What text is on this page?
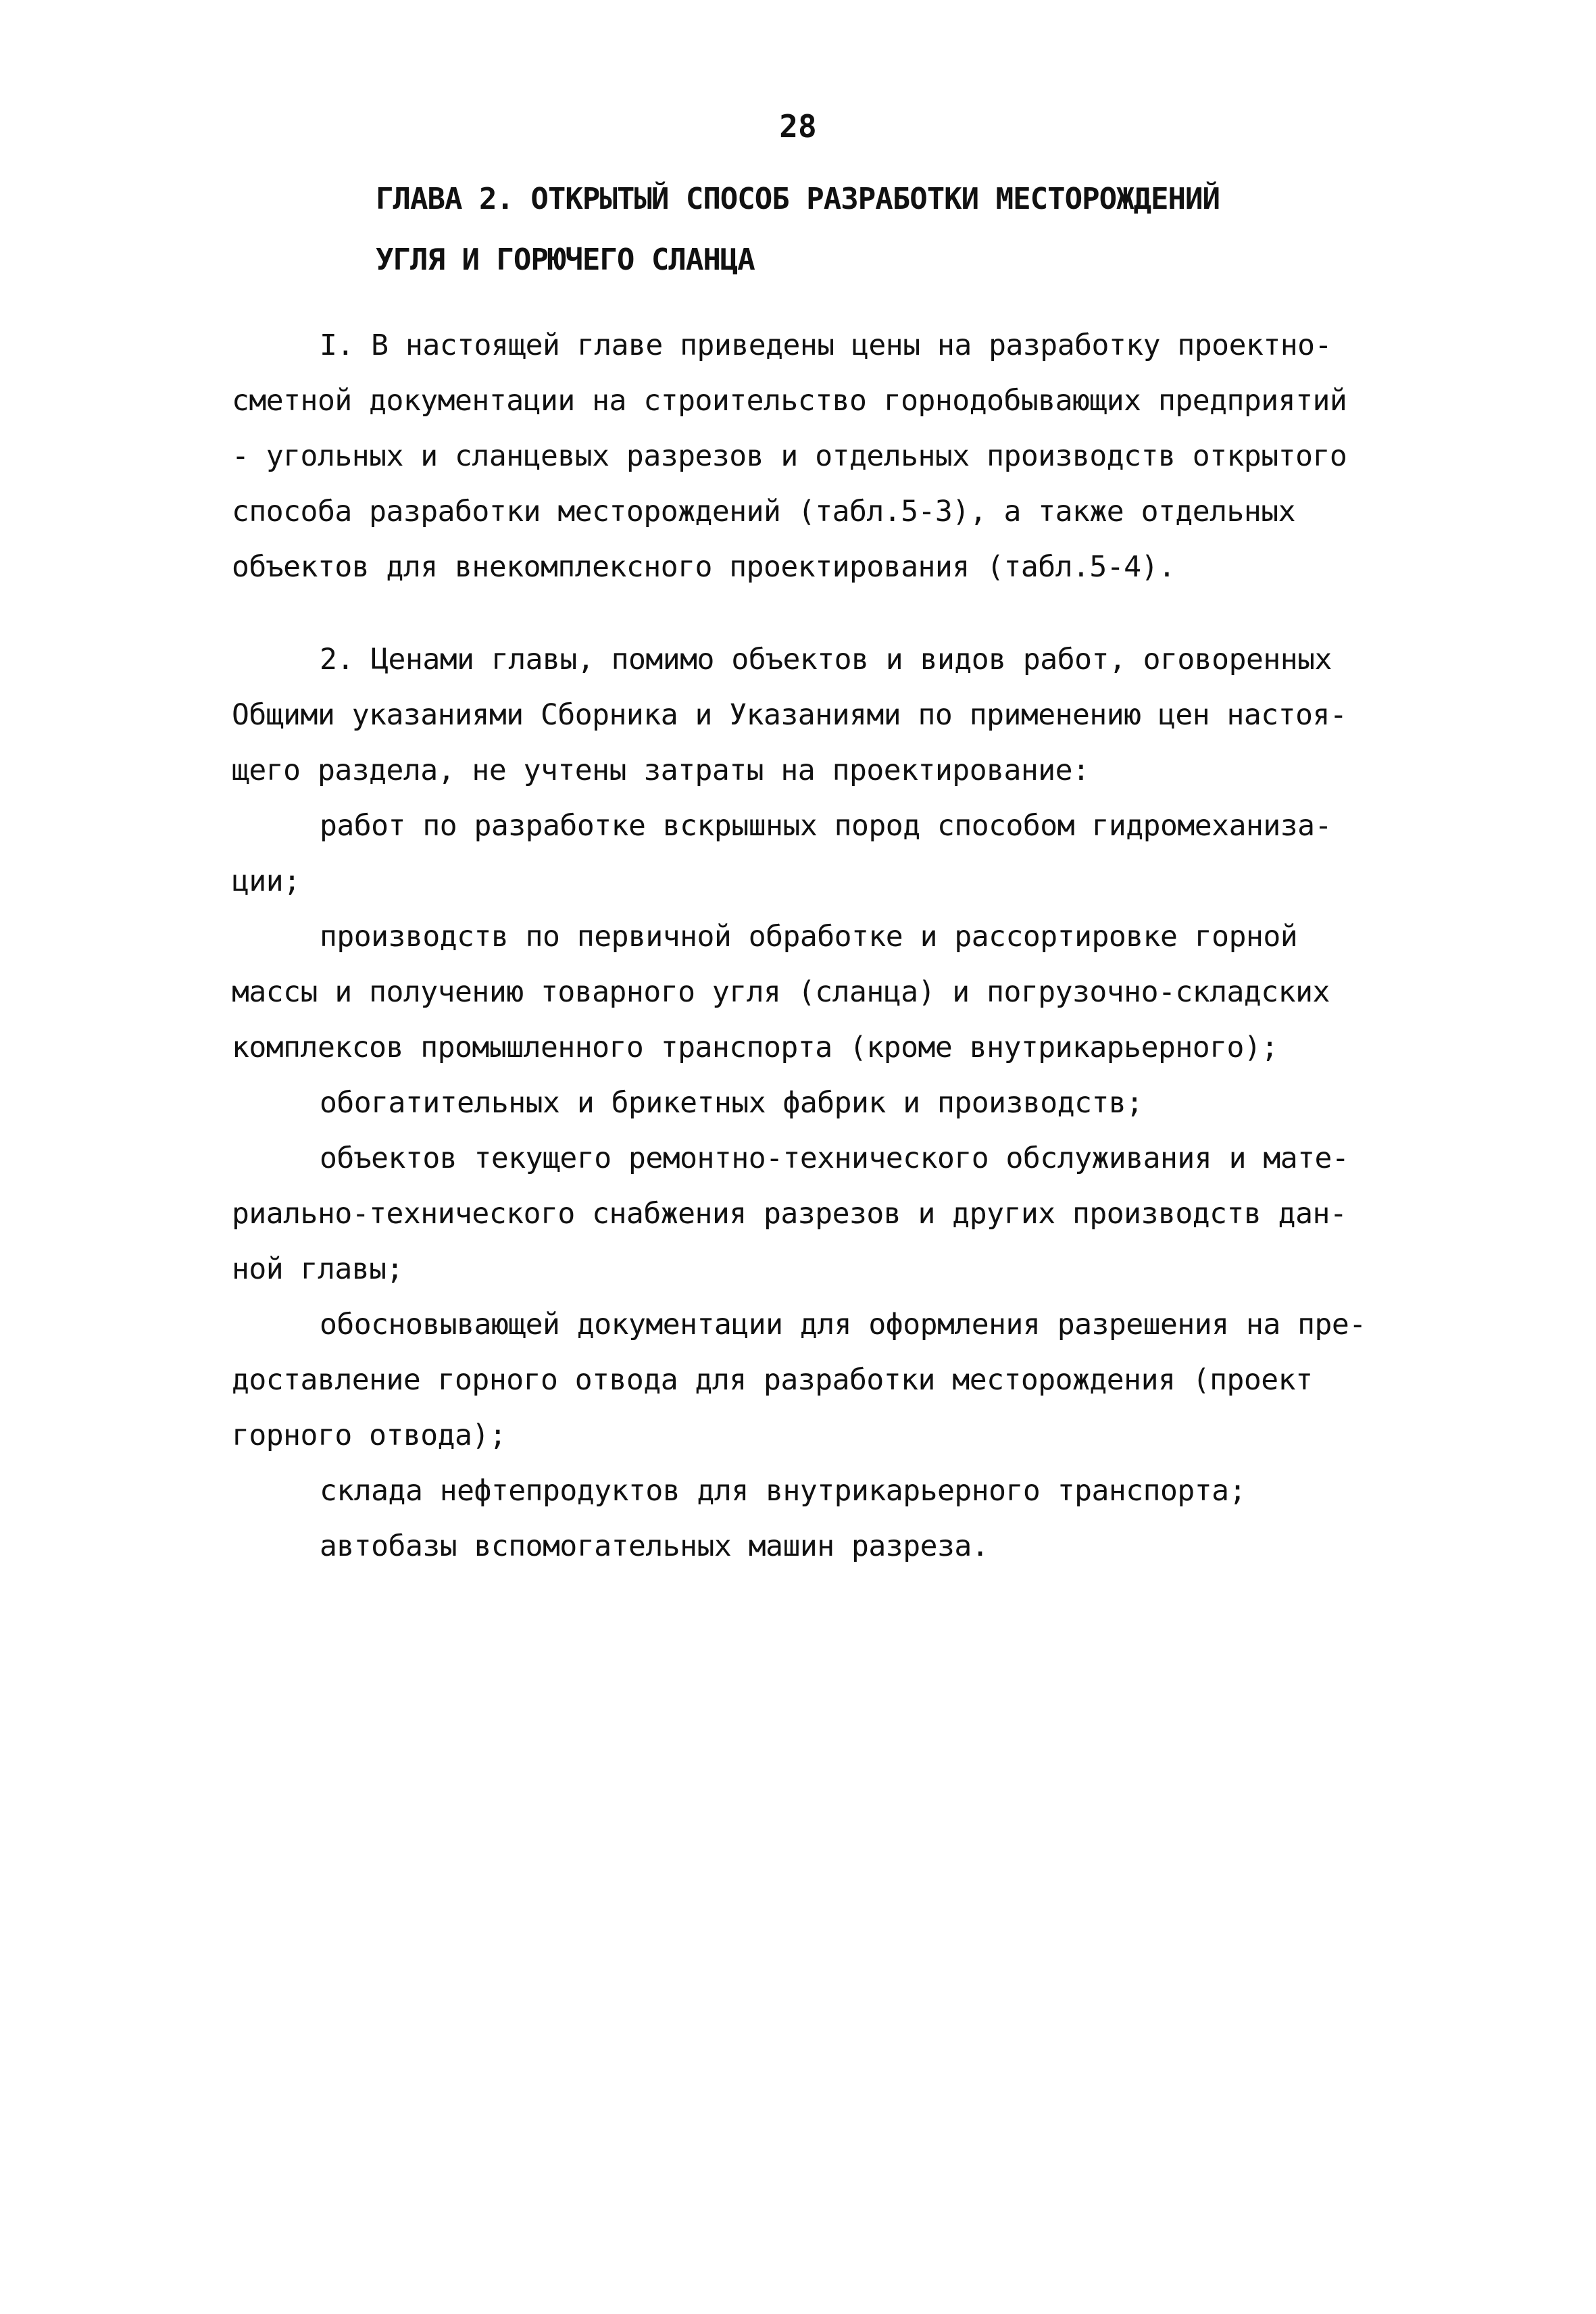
28
ГЛАВА 2. ОТКРЫТЫЙ СПОСОБ РАЗРАБОТКИ МЕСТОРОЖДЕНИЙ
УГЛЯ И ГОРЮЧЕГО СЛАНЦА
I. В настоящей главе приведены цены на разработку проектно-
сметной документации на строительство горнодобывающих предприятий
- угольных и сланцевых разрезов и отдельных производств открытого
способа разработки месторождений (табл.5-3), а также отдельных
объектов для внекомплексного проектирования (табл.5-4).
2. Ценами главы, помимо объектов и видов работ, оговоренных
Общими указаниями Сборника и Указаниями по применению цен настоя-
щего раздела, не учтены затраты на проектирование:
работ по разработке вскрышных пород способом гидромеханиза-
ции;
производств по первичной обработке и рассортировке горной
массы и получению товарного угля (сланца) и погрузочно-складских
комплексов промышленного транспорта (кроме внутрикарьерного);
обогатительных и брикетных фабрик и производств;
объектов текущего ремонтно-технического обслуживания и мате-
риально-технического снабжения разрезов и других производств дан-
ной главы;
обосновывающей документации для оформления разрешения на пре-
доставление горного отвода для разработки месторождения (проект
горного отвода);
склада нефтепродуктов для внутрикарьерного транспорта;
автобазы вспомогательных машин разреза.
